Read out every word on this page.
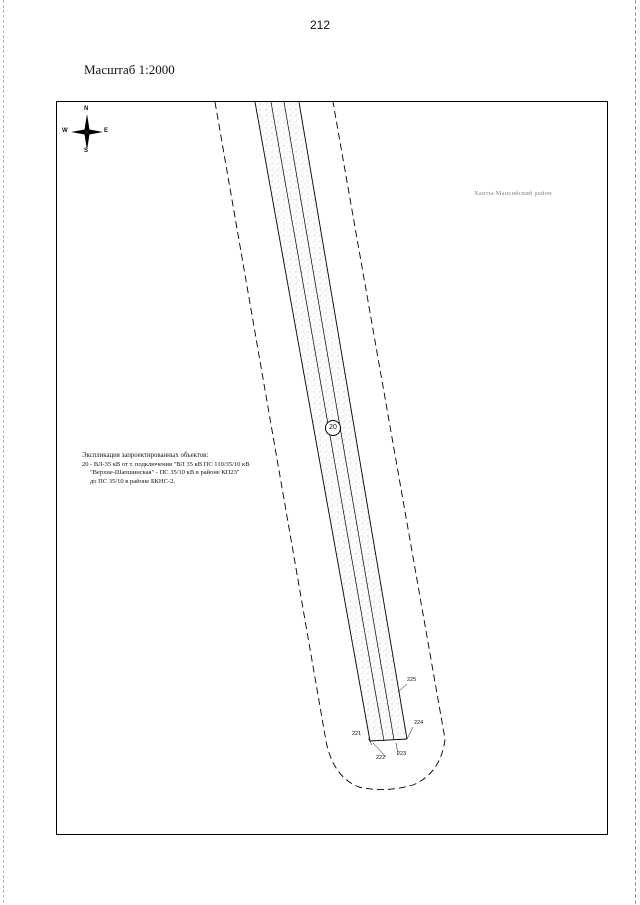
212
Масштаб 1:2000
N
S
W	E
Ханты-Мансийский район
20
Экспликация запроектированных объектов:
20 - ВЛ-35 кВ от т. подключения "ВЛ 35 кВ ПС 110/35/10 кВ
"Верхне-Шапшинская" - ПС 35/10 кВ в районе КП23"
до ПС 35/10 в районе БКНС-2.
221
222
223
224
225
